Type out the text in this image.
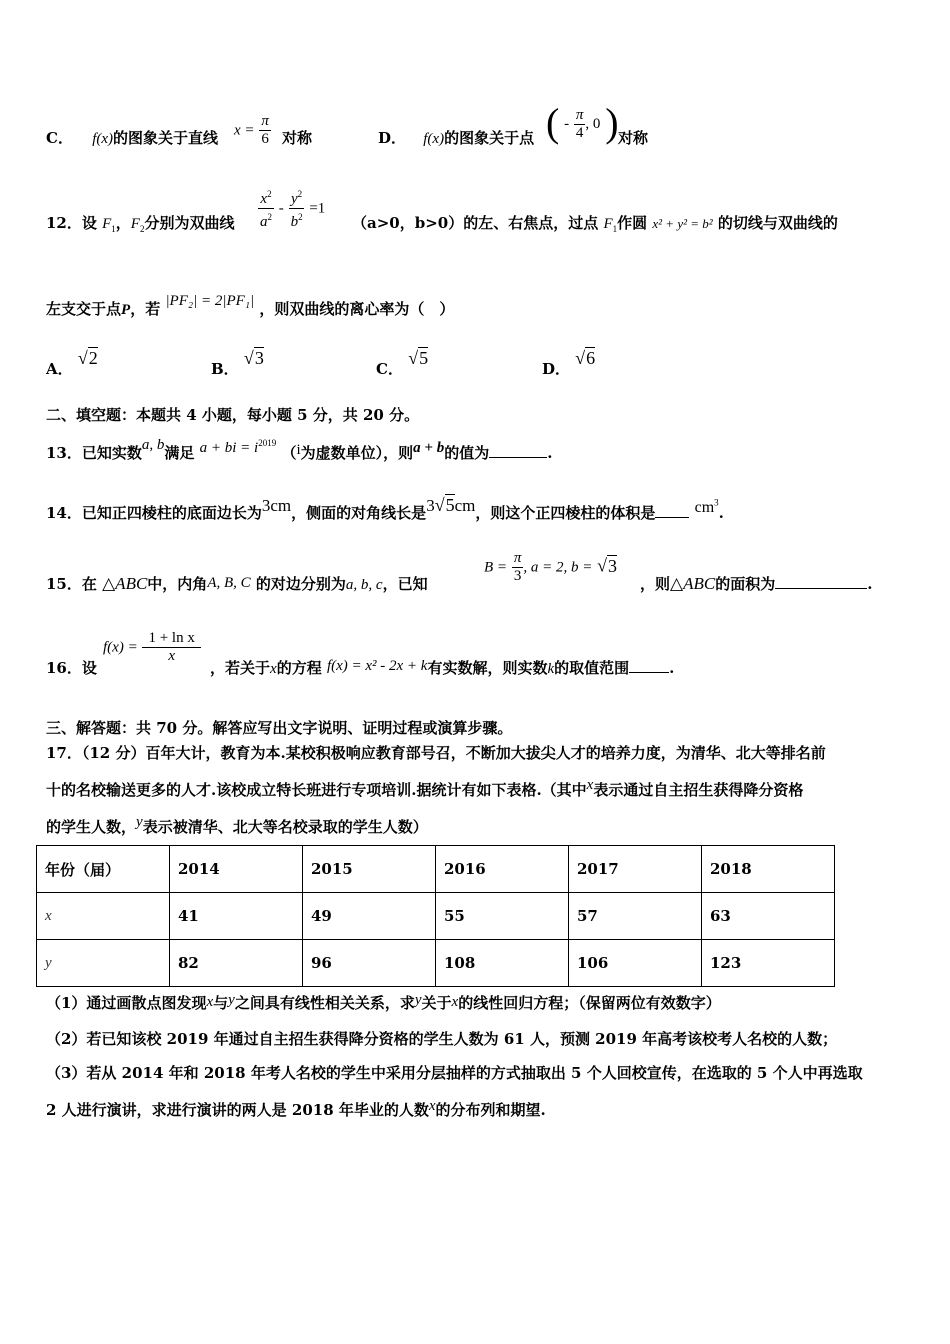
C． f(x)的图象关于直线 $x = \frac{\pi}{6}$ 对称	D． f(x)的图象关于点 ( - $\frac{\pi}{4}$ , 0 ) 对称
12．设 $F_1$，$F_2$分别为双曲线 $\frac{x^2}{a^2} - \frac{y^2}{b^2} =1$
（a>0，b>0）的左、右焦点，过点 $F_1$作圆 x² + y² = b² 的切线与双曲线的
左支交于点P，若 |PF₂| = 2|PF₁| ，则双曲线的离心率为（　）
A． √2
B． √3
C． √5
D． √6
二、填空题：本题共 4 小题，每小题 5 分，共 20 分。
13．已知实数a, b满足 a + bi = $i^{2019}$ （i为虚数单位），则a + b的值为	.
14．已知正四棱柱的底面边长为3cm，侧面的对角线长是3√5cm，则这个正四棱柱的体积是 $cm^3$.
15．在 △ABC中，内角A, B, C 的对边分别为a, b, c，已知
$B = \frac{\pi}{3}$ , a = 2, b = √3
，则△ABC的面积为	.
16．设
$f(x) = \frac{\text{1 + ln x}}{x}$
，若关于x的方程 f(x) = x² - 2x + k有实数解，则实数k的取值范围	.
三、解答题：共 70 分。解答应写出文字说明、证明过程或演算步骤。
17．（12 分）百年大计，教育为本.某校积极响应教育部号召，不断加大拔尖人才的培养力度，为清华、北大等排名前
十的名校输送更多的人才.该校成立特长班进行专项培训.据统计有如下表格.（其中x表示通过自主招生获得降分资格
的学生人数，y表示被清华、北大等名校录取的学生人数）
年份（届）	2014	2015	2016	2017	2018
x	41	49	55	57	63
y	82	96	108	106	123
（1）通过画散点图发现x与y之间具有线性相关关系，求y关于x的线性回归方程；（保留两位有效数字）
（2）若已知该校 2019 年通过自主招生获得降分资格的学生人数为 61 人，预测 2019 年高考该校考人名校的人数；
（3）若从 2014 年和 2018 年考人名校的学生中采用分层抽样的方式抽取出 5 个人回校宣传，在选取的 5 个人中再选取
2 人进行演讲，求进行演讲的两人是 2018 年毕业的人数x的分布列和期望.
